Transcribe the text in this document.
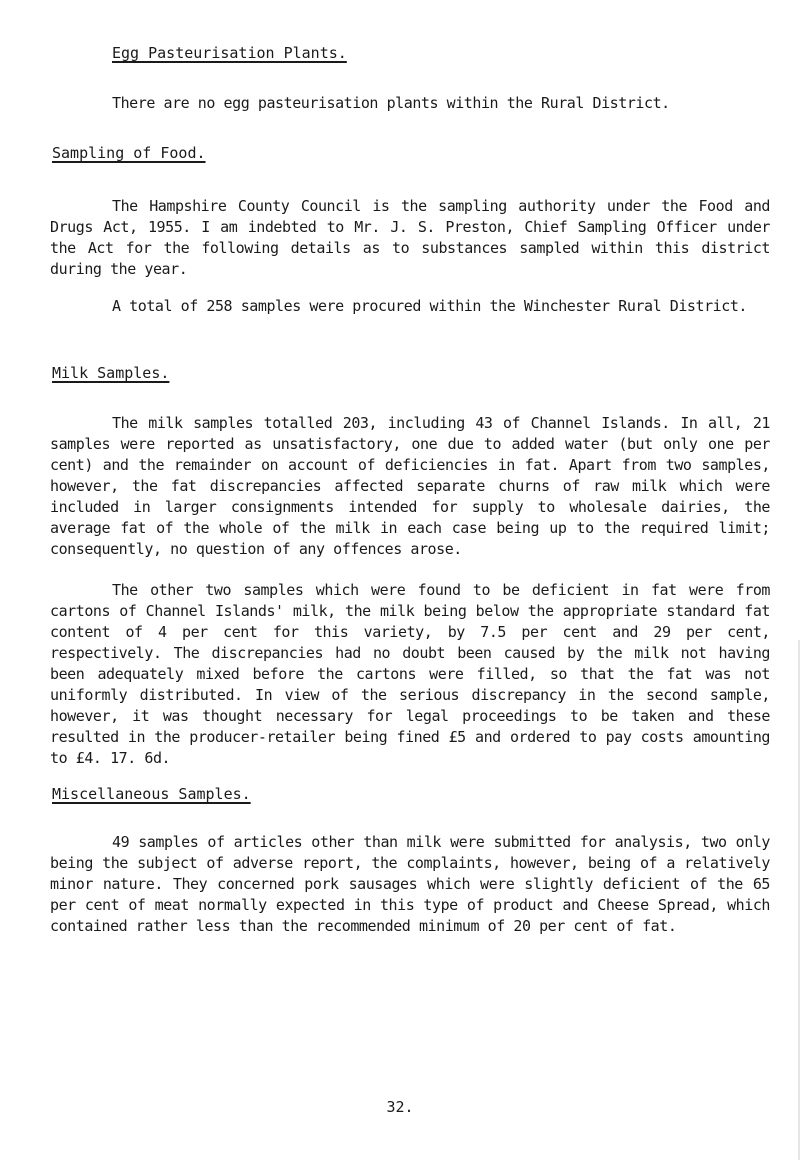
Egg Pasteurisation Plants.

There are no egg pasteurisation plants within the Rural District.

Sampling of Food.

The Hampshire County Council is the sampling authority under the Food and Drugs Act, 1955. I am indebted to Mr. J. S. Preston, Chief Sampling Officer under the Act for the following details as to substances sampled within this district during the year.

A total of 258 samples were procured within the Winchester Rural District.

Milk Samples.

The milk samples totalled 203, including 43 of Channel Islands. In all, 21 samples were reported as unsatisfactory, one due to added water (but only one per cent) and the remainder on account of deficiencies in fat. Apart from two samples, however, the fat discrepancies affected separate churns of raw milk which were included in larger consignments intended for supply to wholesale dairies, the average fat of the whole of the milk in each case being up to the required limit; consequently, no question of any offences arose.

The other two samples which were found to be deficient in fat were from cartons of Channel Islands' milk, the milk being below the appropriate standard fat content of 4 per cent for this variety, by 7.5 per cent and 29 per cent, respectively. The discrepancies had no doubt been caused by the milk not having been adequately mixed before the cartons were filled, so that the fat was not uniformly distributed. In view of the serious discrepancy in the second sample, however, it was thought necessary for legal proceedings to be taken and these resulted in the producer-retailer being fined £5 and ordered to pay costs amounting to £4. 17. 6d.

Miscellaneous Samples.

49 samples of articles other than milk were submitted for analysis, two only being the subject of adverse report, the complaints, however, being of a relatively minor nature. They concerned pork sausages which were slightly deficient of the 65 per cent of meat normally expected in this type of product and Cheese Spread, which contained rather less than the recommended minimum of 20 per cent of fat.

32.
